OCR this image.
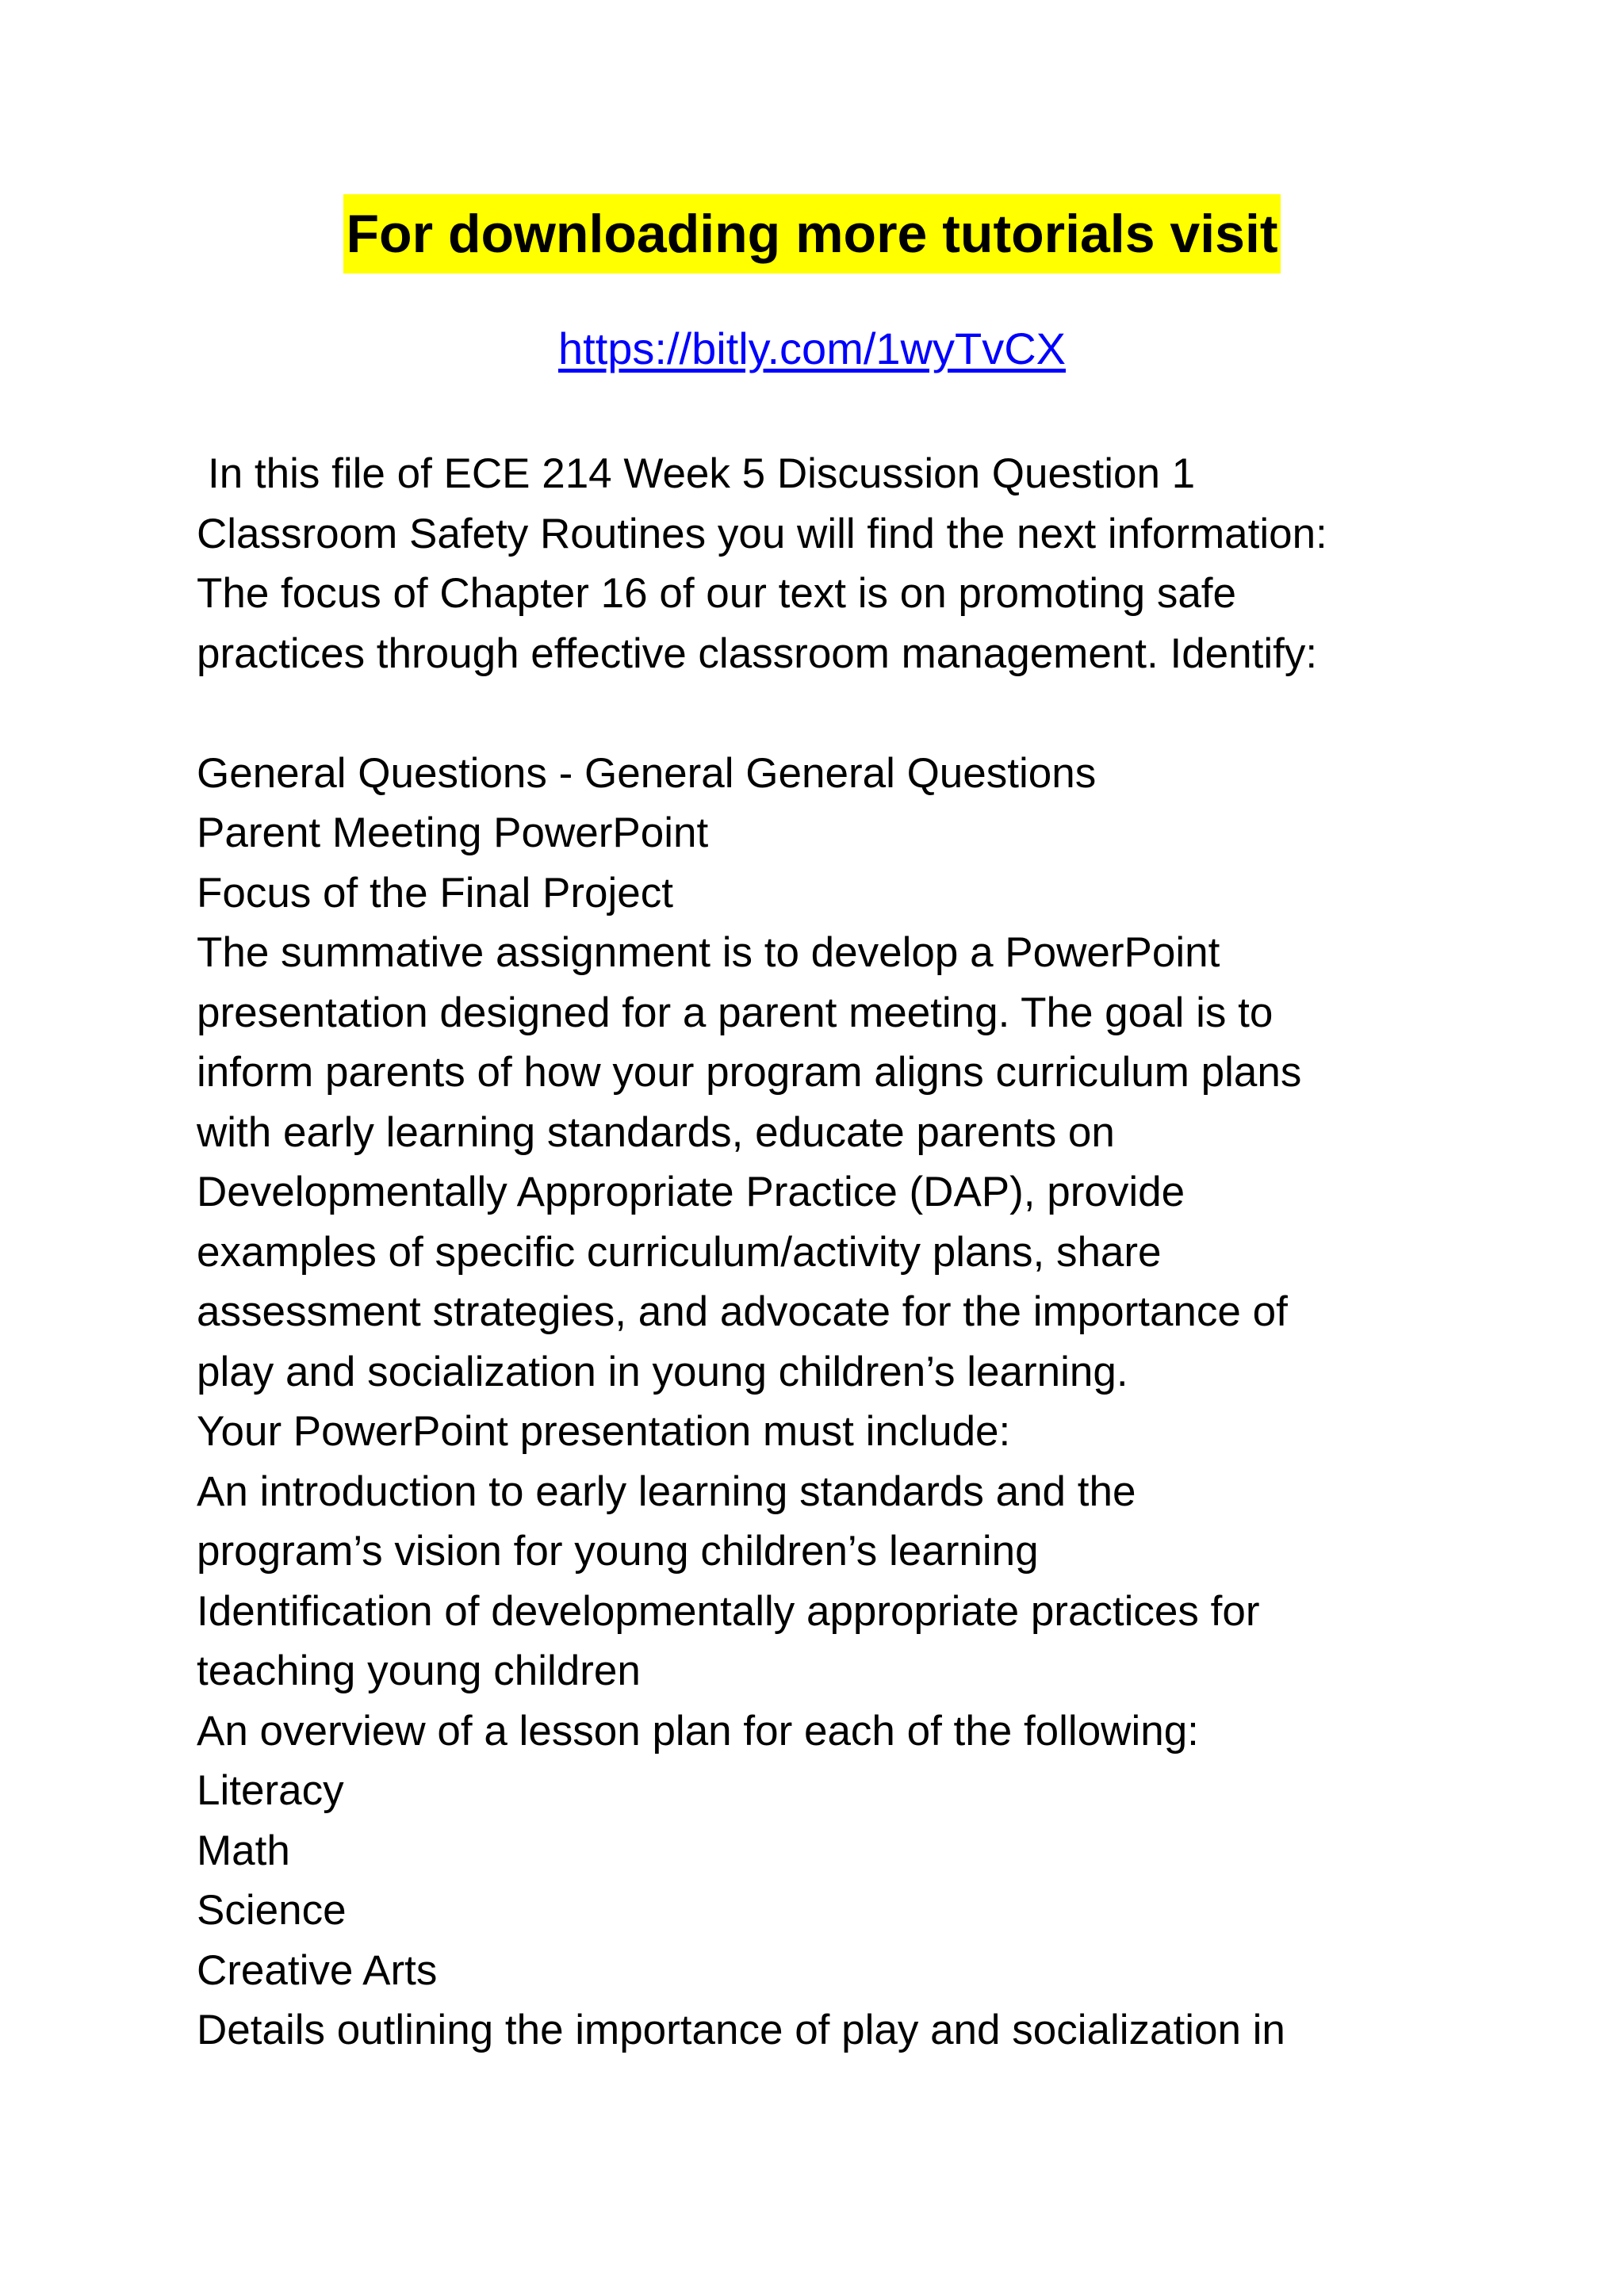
For downloading more tutorials visit
https://bitly.com/1wyTvCX
In this file of ECE 214 Week 5 Discussion Question 1
Classroom Safety Routines you will find the next information:
The focus of Chapter 16 of our text is on promoting safe
practices through effective classroom management. Identify:
General Questions - General General Questions
Parent Meeting PowerPoint
Focus of the Final Project
The summative assignment is to develop a PowerPoint
presentation designed for a parent meeting. The goal is to
inform parents of how your program aligns curriculum plans
with early learning standards, educate parents on
Developmentally Appropriate Practice (DAP), provide
examples of specific curriculum/activity plans, share
assessment strategies, and advocate for the importance of
play and socialization in young children’s learning.
Your PowerPoint presentation must include:
An introduction to early learning standards and the
program’s vision for young children’s learning
Identification of developmentally appropriate practices for
teaching young children
An overview of a lesson plan for each of the following:
Literacy
Math
Science
Creative Arts
Details outlining the importance of play and socialization in
